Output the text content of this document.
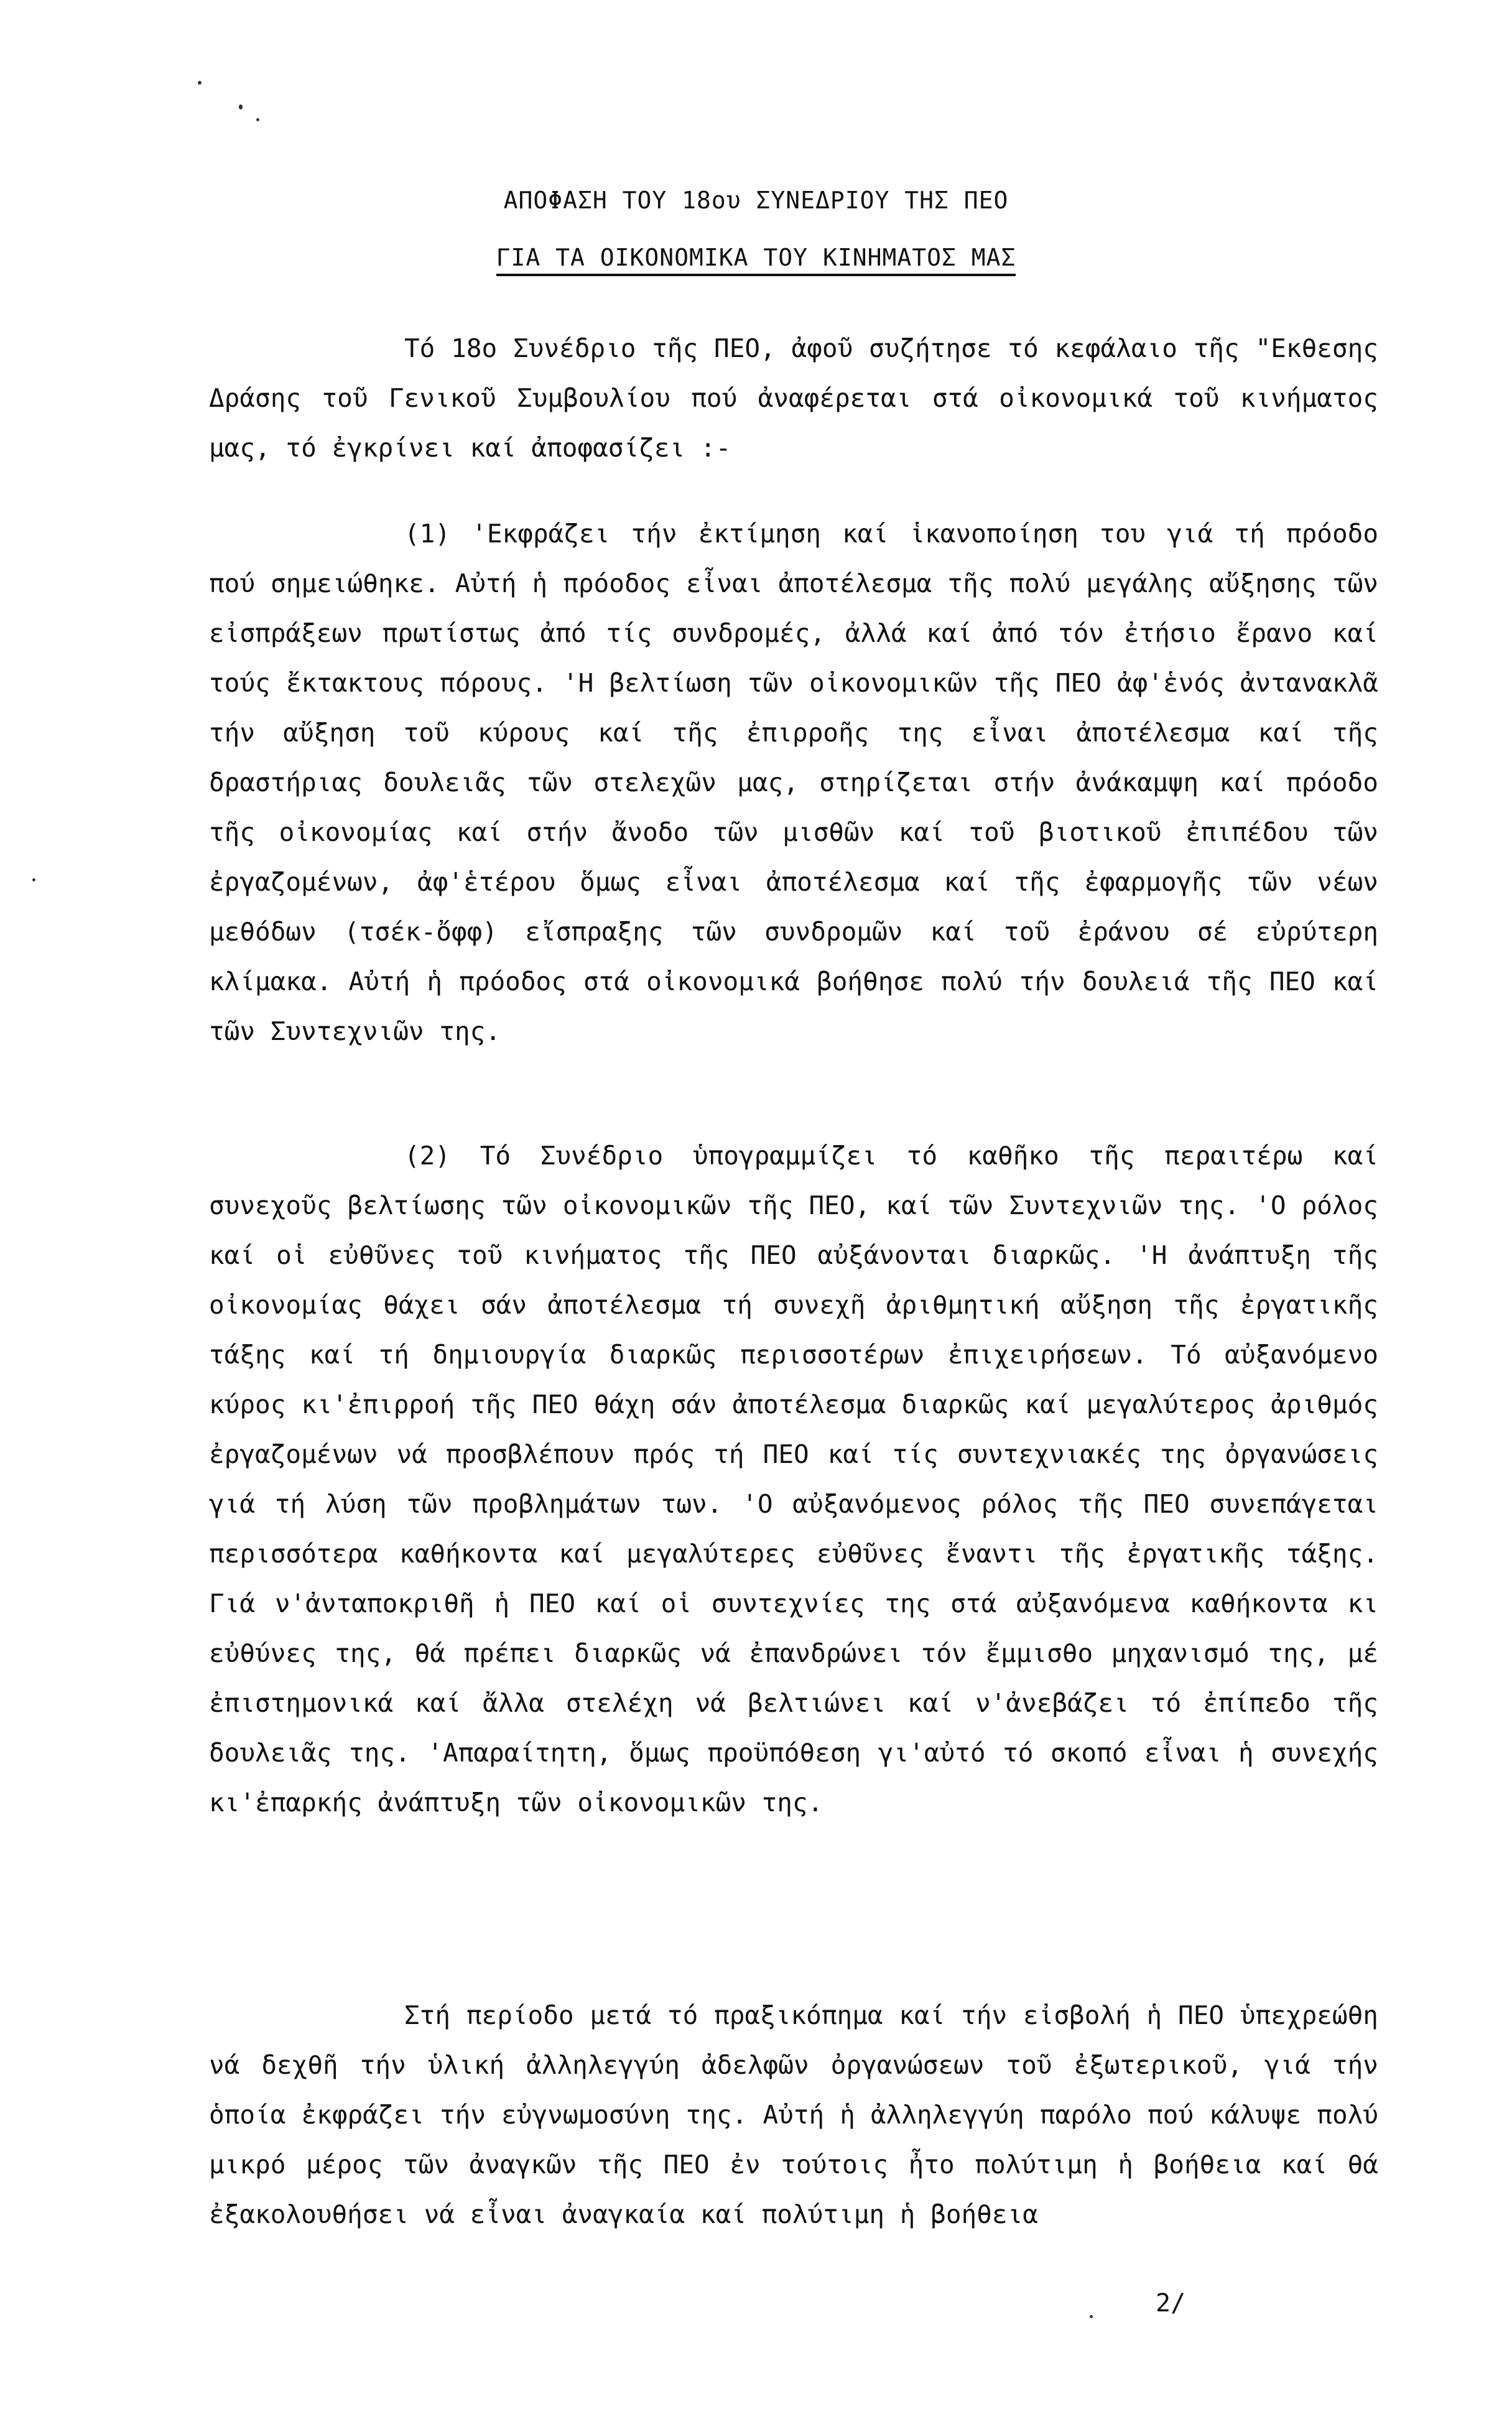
ΑΠΟΦΑΣΗ ΤΟΥ 18ου ΣΥΝΕΔΡΙΟΥ ΤΗΣ ΠΕΟ
ΓΙΑ ΤΑ ΟΙΚΟΝΟΜΙΚΑ ΤΟΥ ΚΙΝΗΜΑΤΟΣ ΜΑΣ

Τό 18ο Συνέδριο τῆς ΠΕΟ, ἀφοῦ συζήτησε τό κεφάλαιο τῆς "Εκθεσης Δράσης τοῦ Γενικοῦ Συμβουλίου πού ἀναφέρεται στά οἰκονομικά τοῦ κινήματος μας, τό ἐγκρίνει καί ἀποφασίζει :-

(1) 'Εκφράζει τήν ἐκτίμηση καί ἱκανοποίηση του γιά τή πρόοδο πού σημειώθηκε. Αὐτή ἡ πρόοδος εἶναι ἀποτέλεσμα τῆς πολύ μεγάλης αὔξησης τῶν εἰσπράξεων πρωτίστως ἀπό τίς συνδρομές, ἀλλά καί ἀπό τόν ἐτήσιο ἔρανο καί τούς ἔκτακτους πόρους. 'Η βελτίωση τῶν οἰκονομικῶν τῆς ΠΕΟ ἀφ'ἑνός ἀντανακλᾶ τήν αὔξηση τοῦ κύρους καί τῆς ἐπιρροῆς της εἶναι ἀποτέλεσμα καί τῆς δραστήριας δουλειᾶς τῶν στελεχῶν μας, στηρίζεται στήν ἀνάκαμψη καί πρόοδο τῆς οἰκονομίας καί στήν ἄνοδο τῶν μισθῶν καί τοῦ βιοτικοῦ ἐπιπέδου τῶν ἐργαζομένων, ἀφ'ἑτέρου ὅμως εἶναι ἀποτέλεσμα καί τῆς ἐφαρμογῆς τῶν νέων μεθόδων (τσέκ-ὄφφ) εἴσπραξης τῶν συνδρομῶν καί τοῦ ἐράνου σέ εὐρύτερη κλίμακα. Αὐτή ἡ πρόοδος στά οἰκονομικά βοήθησε πολύ τήν δουλειά τῆς ΠΕΟ καί τῶν Συντεχνιῶν της.

(2) Τό Συνέδριο ὑπογραμμίζει τό καθῆκο τῆς περαιτέρω καί συνεχοῦς βελτίωσης τῶν οἰκονομικῶν τῆς ΠΕΟ, καί τῶν Συντεχνιῶν της. 'Ο ρόλος καί οἱ εὐθῦνες τοῦ κινήματος τῆς ΠΕΟ αὐξάνονται διαρκῶς. 'Η ἀνάπτυξη τῆς οἰκονομίας θάχει σάν ἀποτέλεσμα τή συνεχῆ ἀριθμητική αὔξηση τῆς ἐργατικῆς τάξης καί τή δημιουργία διαρκῶς περισσοτέρων ἐπιχειρήσεων. Τό αὐξανόμενο κύρος κι'ἐπιρροή τῆς ΠΕΟ θάχη σάν ἀποτέλεσμα διαρκῶς καί μεγαλύτερος ἀριθμός ἐργαζομένων νά προσβλέπουν πρός τή ΠΕΟ καί τίς συντεχνιακές της ὀργανώσεις γιά τή λύση τῶν προβλημάτων των. 'Ο αὐξανόμενος ρόλος τῆς ΠΕΟ συνεπάγεται περισσότερα καθήκοντα καί μεγαλύτερες εὐθῦνες ἔναντι τῆς ἐργατικῆς τάξης. Γιά ν'ἀνταποκριθῆ ἡ ΠΕΟ καί οἱ συντεχνίες της στά αὐξανόμενα καθήκοντα κι εὐθύνες της, θά πρέπει διαρκῶς νά ἐπανδρώνει τόν ἔμμισθο μηχανισμό της, μέ ἐπιστημονικά καί ἄλλα στελέχη νά βελτιώνει καί ν'ἀνεβάζει τό ἐπίπεδο τῆς δουλειᾶς της. 'Απαραίτητη, ὅμως προϋπόθεση γι'αὐτό τό σκοπό εἶναι ἡ συνεχής κι'ἐπαρκής ἀνάπτυξη τῶν οἰκονομικῶν της.

Στή περίοδο μετά τό πραξικόπημα καί τήν εἰσβολή ἡ ΠΕΟ ὑπεχρεώθη νά δεχθῆ τήν ὑλική ἀλληλεγγύη ἀδελφῶν ὀργανώσεων τοῦ ἐξωτερικοῦ, γιά τήν ὁποία ἐκφράζει τήν εὐγνωμοσύνη της. Αὐτή ἡ ἀλληλεγγύη παρόλο πού κάλυψε πολύ μικρό μέρος τῶν ἀναγκῶν τῆς ΠΕΟ ἐν τούτοις ἦτο πολύτιμη ἡ βοήθεια καί θά ἐξακολουθήσει νά εἶναι ἀναγκαία καί πολύτιμη ἡ βοήθεια

2/
